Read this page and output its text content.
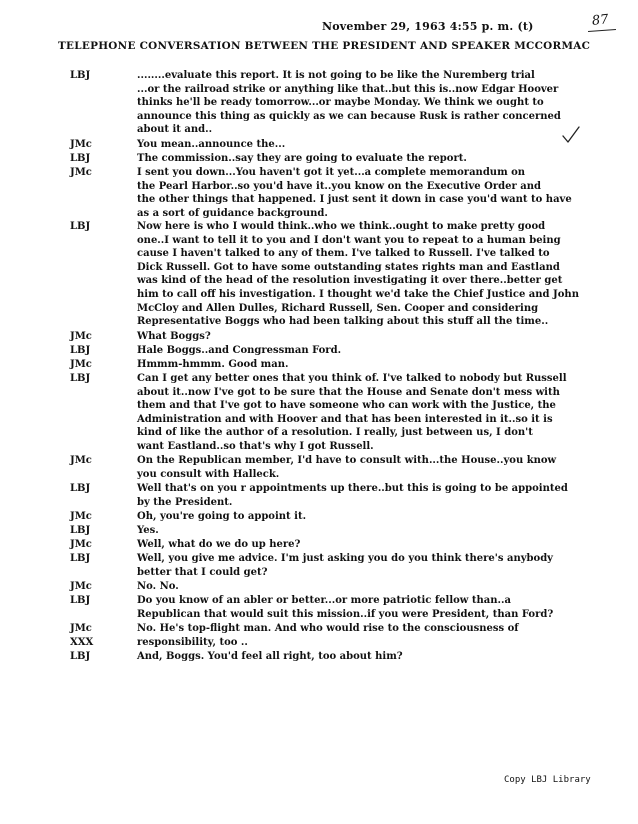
November 29, 1963 4:55 p. m. (t)	87
TELEPHONE CONVERSATION BETWEEN THE PRESIDENT AND SPEAKER MCCORMAC
LBJ	........evaluate this report. It is not going to be like the Nuremberg trial
...or the railroad strike or anything like that..but this is..now Edgar Hoover
thinks he'll be ready tomorrow...or maybe Monday. We think we ought to
announce this thing as quickly as we can because Rusk is rather concerned
about it and..
JMc	You mean..announce the...
LBJ	The commission..say they are going to evaluate the report.
JMc	I sent you down...You haven't got it yet...a complete memorandum on
the Pearl Harbor..so you'd have it..you know on the Executive Order and
the other things that happened. I just sent it down in case you'd want to have
as a sort of guidance background.
LBJ	Now here is who I would think..who we think..ought to make pretty good
one..I want to tell it to you and I don't want you to repeat to a human being
cause I haven't talked to any of them. I've talked to Russell. I've talked to
Dick Russell. Got to have some outstanding states rights man and Eastland
was kind of the head of the resolution investigating it over there..better get
him to call off his investigation. I thought we'd take the Chief Justice and John
McCloy and Allen Dulles, Richard Russell, Sen. Cooper and considering
Representative Boggs who had been talking about this stuff all the time..
JMc	What Boggs?
LBJ	Hale Boggs..and Congressman Ford.
JMc	Hmmm-hmmm. Good man.
LBJ	Can I get any better ones that you think of. I've talked to nobody but Russell
about it..now I've got to be sure that the House and Senate don't mess with
them and that I've got to have someone who can work with the Justice, the
Administration and with Hoover and that has been interested in it..so it is
kind of like the author of a resolution. I really, just between us, I don't
want Eastland..so that's why I got Russell.
JMc	On the Republican member, I'd have to consult with...the House..you know
you consult with Halleck.
LBJ	Well that's on you r appointments up there..but this is going to be appointed
by the President.
JMc	Oh, you're going to appoint it.
LBJ	Yes.
JMc	Well, what do we do up here?
LBJ	Well, you give me advice. I'm just asking you do you think there's anybody
better that I could get?
JMc	No. No.
LBJ	Do you know of an abler or better...or more patriotic fellow than..a
Republican that would suit this mission..if you were President, than Ford?
JMc	No. He's top-flight man. And who would rise to the consciousness of
XXX	responsibility, too ..
LBJ	And, Boggs. You'd feel all right, too about him?
Copy LBJ Library
